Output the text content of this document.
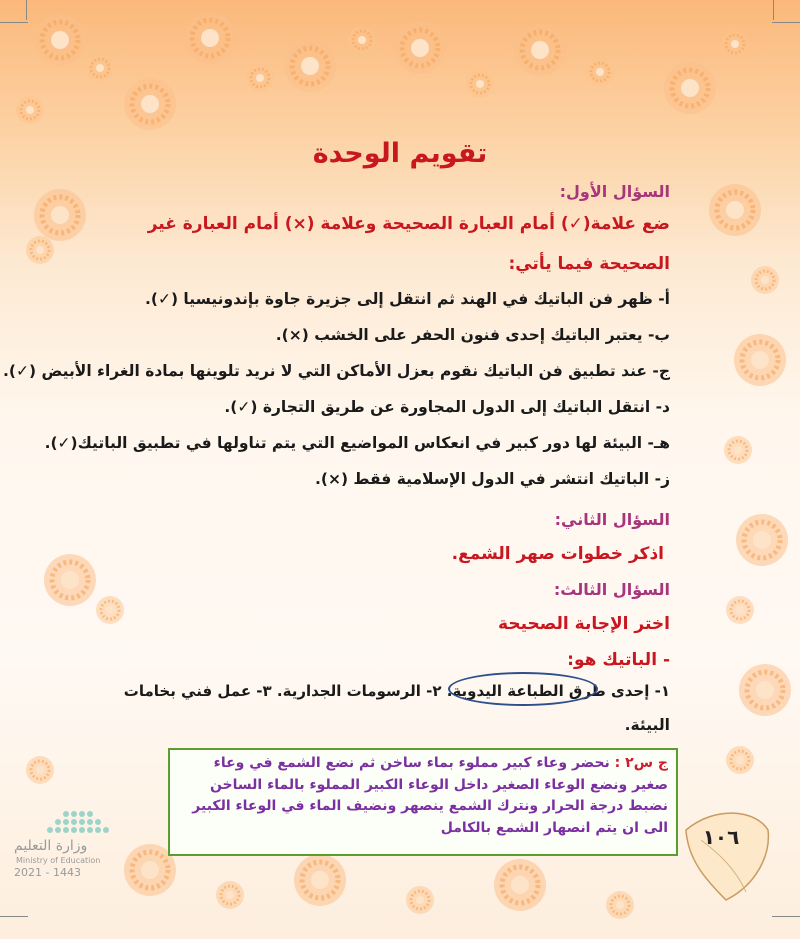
تقويم الوحدة
السؤال الأول:
ضع علامة(✓) أمام العبارة الصحيحة وعلامة (×) أمام العبارة غير
الصحيحة فيما يأتي:
أ- ظهر فن الباتيك في الهند ثم انتقل إلى جزيرة جاوة بإندونيسيا (✓).
ب- يعتبر الباتيك إحدى فنون الحفر على الخشب (×).
ج- عند تطبيق فن الباتيك نقوم بعزل الأماكن التي لا نريد تلوينها بمادة الغراء الأبيض (✓).
د- انتقل الباتيك إلى الدول المجاورة عن طريق التجارة (✓).
هـ- البيئة لها دور كبير في انعكاس المواضيع التي يتم تناولها في تطبيق الباتيك(✓).
ز- الباتيك انتشر في الدول الإسلامية فقط (×).
السؤال الثاني:
اذكر خطوات صهر الشمع.
السؤال الثالث:
اختر الإجابة الصحيحة
- الباتيك هو:
١- إحدى طرق الطباعة اليدوية. ٢- الرسومات الجدارية. ٣- عمل فني بخامات
البيئة.
ج س٢ : نحضر وعاء كبير مملوء بماء ساخن ثم نضع الشمع في وعاء صغير ونضع الوعاء الصغير داخل الوعاء الكبير المملوء بالماء الساخن نضبط درجة الحرار ونترك الشمع ينصهر ونضيف الماء في الوعاء الكبير الى ان يتم انصهار الشمع بالكامل	١٠٦
وزارة التعليم
Ministry of Education
2021 - 1443
